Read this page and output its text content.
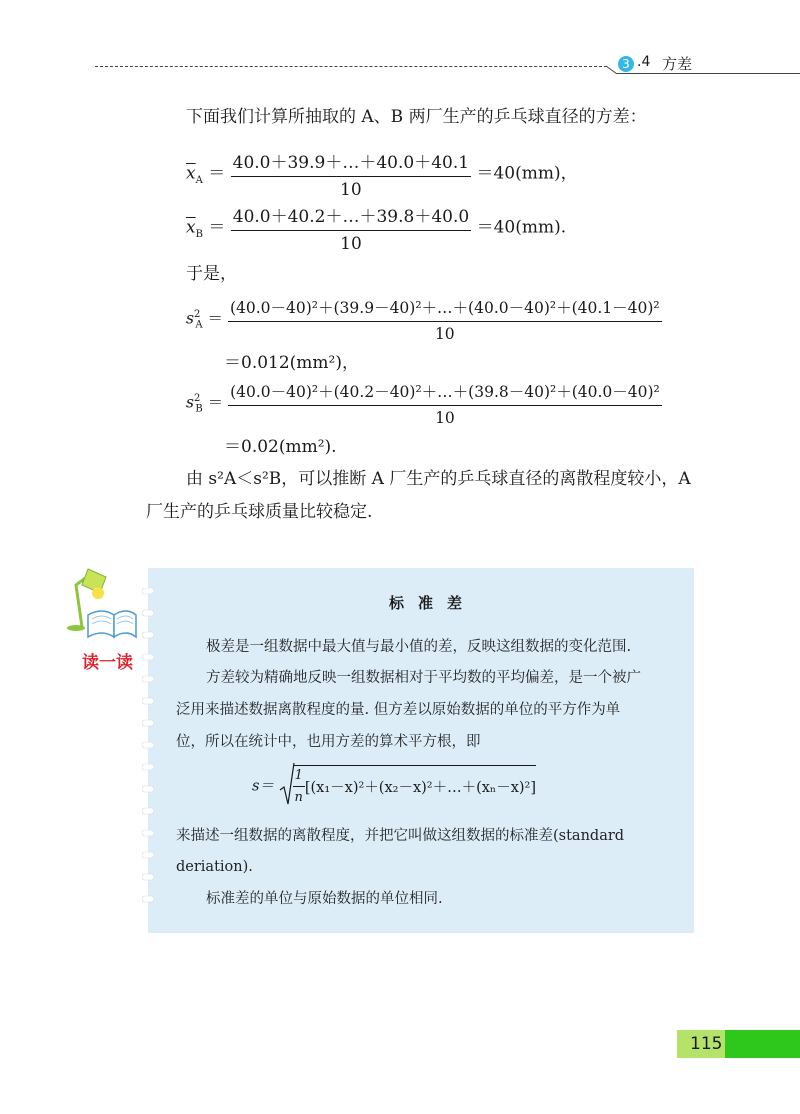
3 .4 方差
下面我们计算所抽取的 A、B 两厂生产的乒乓球直径的方差：
$\overline{x}_A = \frac{40.0+39.9+\dots+40.0+40.1}{10} =40(mm)$，
$\overline{x}_B = \frac{40.0+40.2+\dots+39.8+40.0}{10} =40(mm)$.
于是，
$s^2_A = \frac{\text{(40.0－40)²＋(39.9－40)²＋…＋(40.0－40)²＋(40.1－40)²}}{10}$
＝0.012(mm²)，
$s^2_B = \frac{\text{(40.0－40)²＋(40.2－40)²＋…＋(39.8－40)²＋(40.0－40)²}}{10}$
＝0.02(mm²).
由 s²A＜s²B，可以推断 A 厂生产的乒乓球直径的离散程度较小，A
厂生产的乒乓球质量比较稳定.
读一读
标准差
极差是一组数据中最大值与最小值的差，反映这组数据的变化范围.
方差较为精确地反映一组数据相对于平均数的平均偏差，是一个被广
泛用来描述数据离散程度的量. 但方差以原始数据的单位的平方作为单
位，所以在统计中，也用方差的算术平方根，即
$s= \frac{1}{n}$ [(x₁－x)²＋(x₂－x)²＋…＋(xₙ－x)²]
来描述一组数据的离散程度，并把它叫做这组数据的标准差(standard
deriation).
标准差的单位与原始数据的单位相同.
115
